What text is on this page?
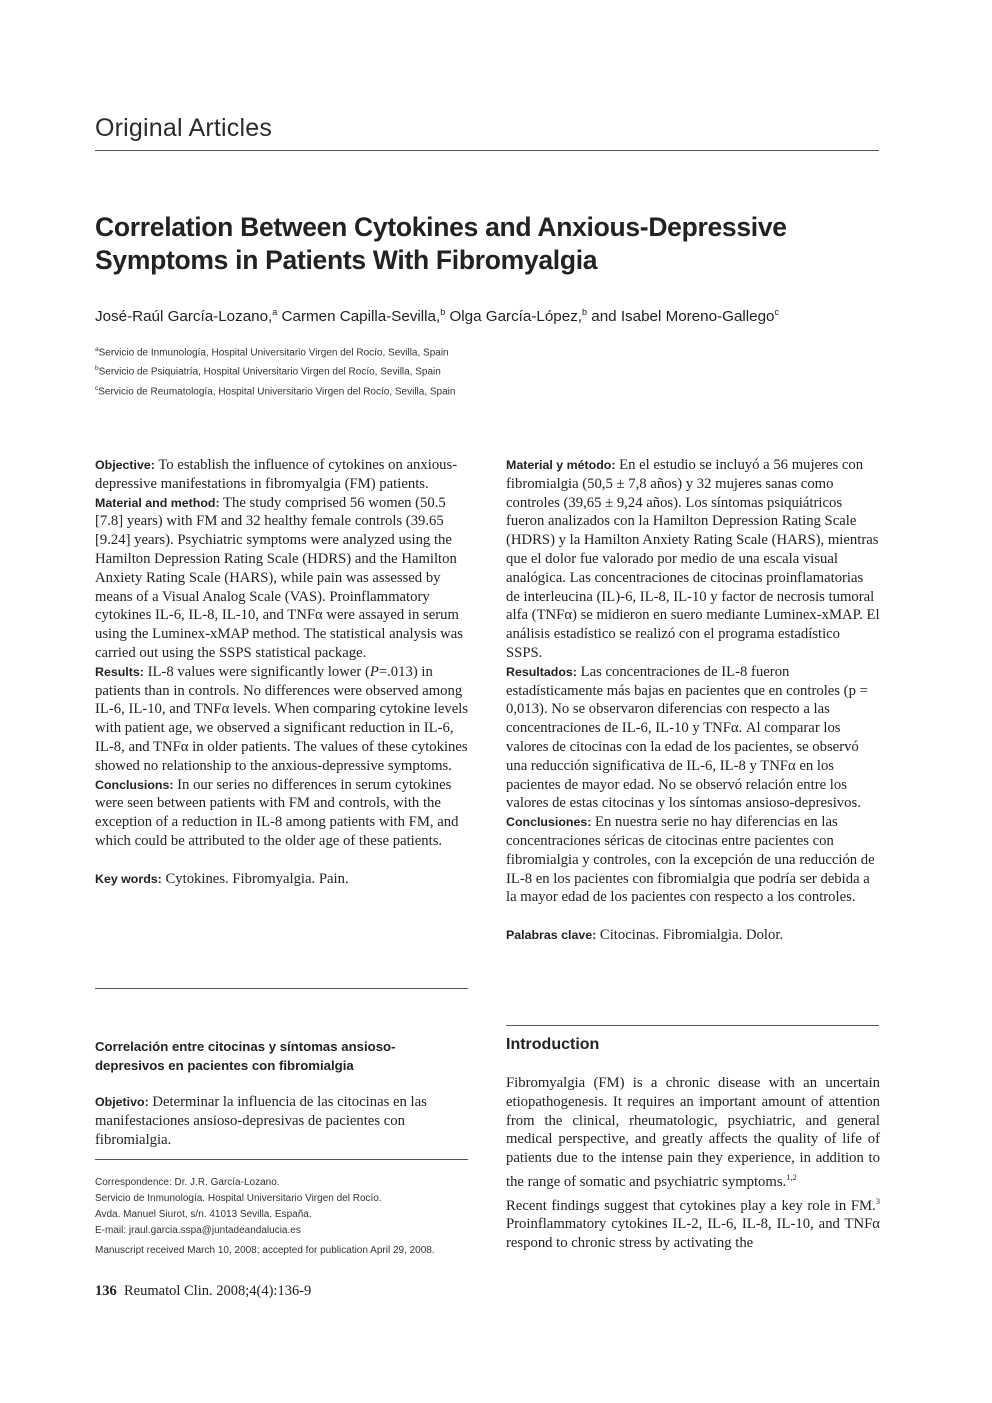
Original Articles
Correlation Between Cytokines and Anxious-Depressive
Symptoms in Patients With Fibromyalgia
José-Raúl García-Lozano,$^a$ Carmen Capilla-Sevilla,$^b$ Olga García-López,$^b$ and Isabel Moreno-Gallego$^c$
$^a$Servicio de Inmunología, Hospital Universitario Virgen del Rocío, Sevilla, Spain
$^b$Servicio de Psiquiatría, Hospital Universitario Virgen del Rocío, Sevilla, Spain
$^c$Servicio de Reumatología, Hospital Universitario Virgen del Rocío, Sevilla, Spain

Objective: To establish the influence of cytokines on anxious-depressive manifestations in fibromyalgia (FM) patients.

Material and method: The study comprised 56 women (50.5 [7.8] years) with FM and 32 healthy female controls (39.65 [9.24] years). Psychiatric symptoms were analyzed using the Hamilton Depression Rating Scale (HDRS) and the Hamilton Anxiety Rating Scale (HARS), while pain was assessed by means of a Visual Analog Scale (VAS). Proinflammatory cytokines IL-6, IL-8, IL-10, and TNFα were assayed in serum using the Luminex-xMAP method. The statistical analysis was carried out using the SSPS statistical package.

Results: IL-8 values were significantly lower (P=.013) in patients than in controls. No differences were observed among IL-6, IL-10, and TNFα levels. When comparing cytokine levels with patient age, we observed a significant reduction in IL-6, IL-8, and TNFα in older patients. The values of these cytokines showed no relationship to the anxious-depressive symptoms.

Conclusions: In our series no differences in serum cytokines were seen between patients with FM and controls, with the exception of a reduction in IL-8 among patients with FM, and which could be attributed to the older age of these patients.

Key words: Cytokines. Fibromyalgia. Pain.

Material y método: En el estudio se incluyó a 56 mujeres con fibromialgia (50,5 ± 7,8 años) y 32 mujeres sanas como controles (39,65 ± 9,24 años). Los síntomas psiquiátricos fueron analizados con la Hamilton Depression Rating Scale (HDRS) y la Hamilton Anxiety Rating Scale (HARS), mientras que el dolor fue valorado por medio de una escala visual analógica. Las concentraciones de citocinas proinflamatorias de interleucina (IL)-6, IL-8, IL-10 y factor de necrosis tumoral alfa (TNFα) se midieron en suero mediante Luminex-xMAP. El análisis estadístico se realizó con el programa estadístico SSPS.

Resultados: Las concentraciones de IL-8 fueron estadísticamente más bajas en pacientes que en controles (p = 0,013). No se observaron diferencias con respecto a las concentraciones de IL-6, IL-10 y TNFα. Al comparar los valores de citocinas con la edad de los pacientes, se observó una reducción significativa de IL-6, IL-8 y TNFα en los pacientes de mayor edad. No se observó relación entre los valores de estas citocinas y los síntomas ansioso-depresivos.

Conclusiones: En nuestra serie no hay diferencias en las concentraciones séricas de citocinas entre pacientes con fibromialgia y controles, con la excepción de una reducción de IL-8 en los pacientes con fibromialgia que podría ser debida a la mayor edad de los pacientes con respecto a los controles.

Palabras clave: Citocinas. Fibromialgia. Dolor.

Correlación entre citocinas y síntomas ansioso-
depresivos en pacientes con fibromialgia
Objetivo: Determinar la influencia de las citocinas en las manifestaciones ansioso-depresivas de pacientes con fibromialgia.
Correspondence: Dr. J.R. García-Lozano.
Servicio de Inmunología. Hospital Universitario Virgen del Rocío.
Avda. Manuel Siurot, s/n. 41013 Sevilla. España.
E-mail: jraul.garcia.sspa@juntadeandalucia.es
Manuscript received March 10, 2008; accepted for publication April 29, 2008.
136 Reumatol Clin. 2008;4(4):136-9
Introduction

Fibromyalgia (FM) is a chronic disease with an uncertain etiopathogenesis. It requires an important amount of attention from the clinical, rheumatologic, psychiatric, and general medical perspective, and greatly affects the quality of life of patients due to the intense pain they experience, in addition to the range of somatic and psychiatric symptoms.$^{1,2}$

Recent findings suggest that cytokines play a key role in FM.$^3$ Proinflammatory cytokines IL-2, IL-6, IL-8, IL-10, and TNFα respond to chronic stress by activating the
